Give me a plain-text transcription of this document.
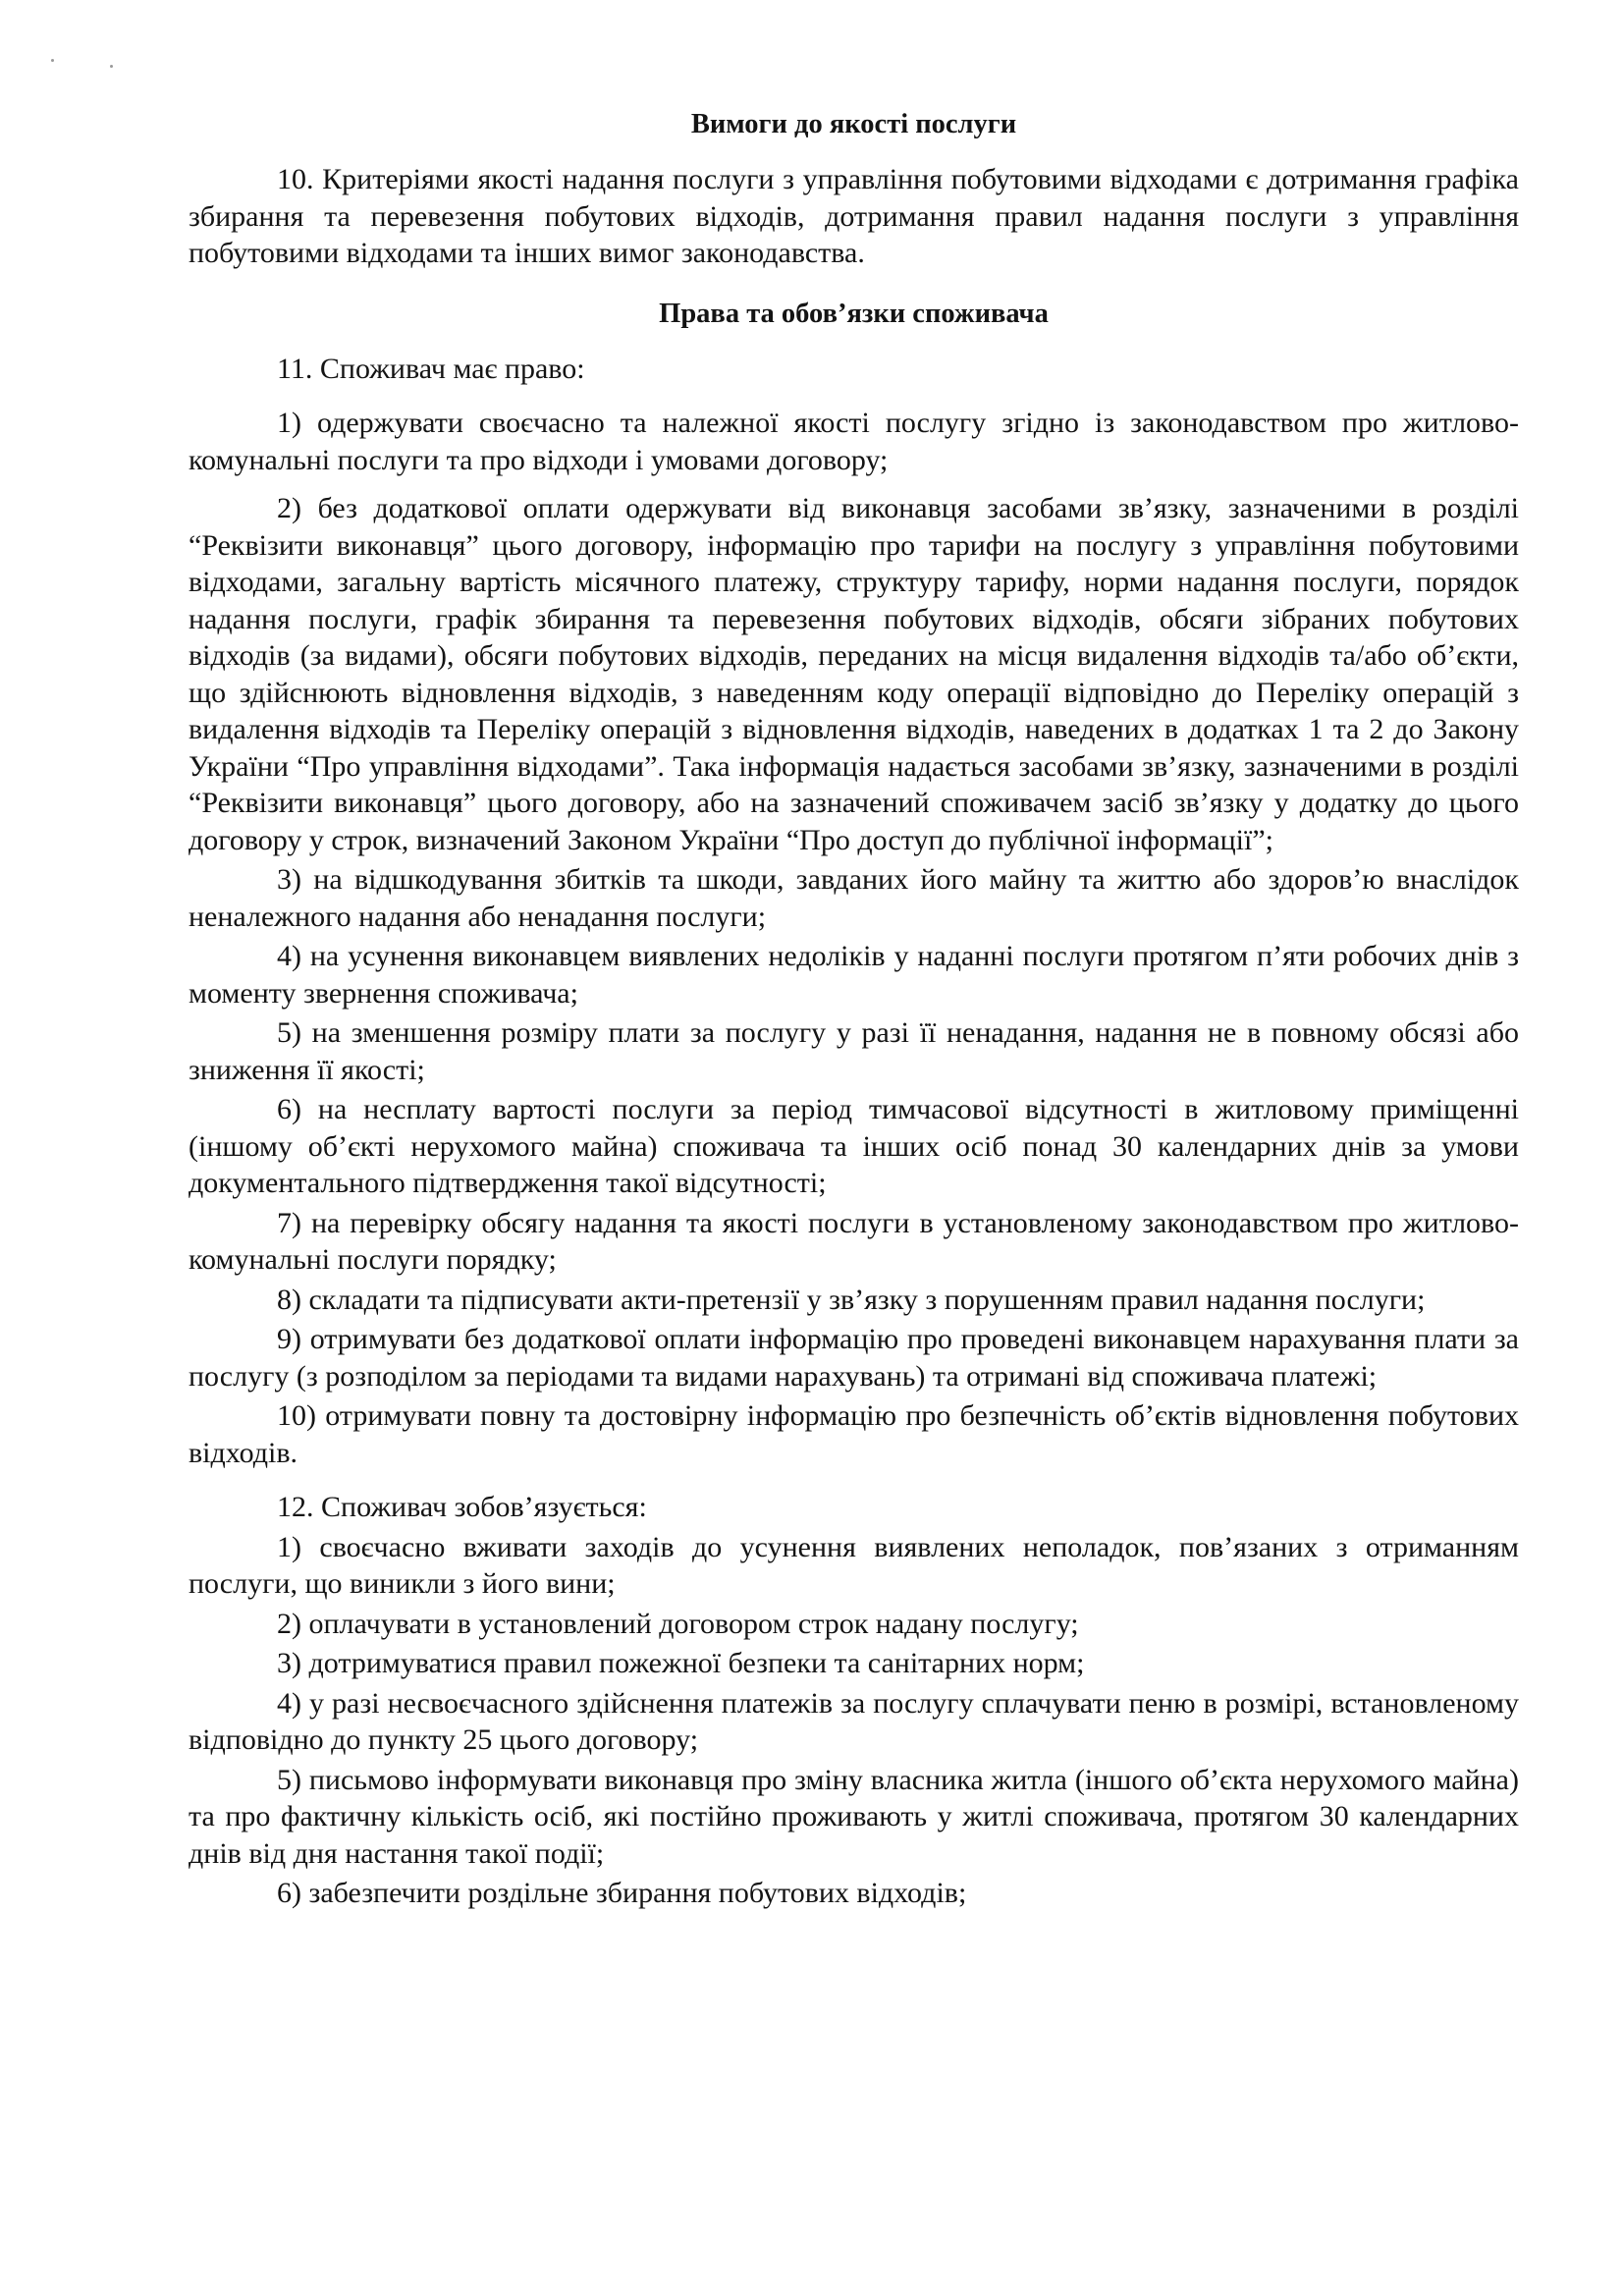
Вимоги до якості послуги

10. Критеріями якості надання послуги з управління побутовими відходами є дотримання графіка збирання та перевезення побутових відходів, дотримання правил надання послуги з управління побутовими відходами та інших вимог законодавства.

Права та обов’язки споживача

11. Споживач має право:

1) одержувати своєчасно та належної якості послугу згідно із законодавством про житлово-комунальні послуги та про відходи і умовами договору;

2) без додаткової оплати одержувати від виконавця засобами зв’язку, зазначеними в розділі “Реквізити виконавця” цього договору, інформацію про тарифи на послугу з управління побутовими відходами, загальну вартість місячного платежу, структуру тарифу, норми надання послуги, порядок надання послуги, графік збирання та перевезення побутових відходів, обсяги зібраних побутових відходів (за видами), обсяги побутових відходів, переданих на місця видалення відходів та/або об’єкти, що здійснюють відновлення відходів, з наведенням коду операції відповідно до Переліку операцій з видалення відходів та Переліку операцій з відновлення відходів, наведених в додатках 1 та 2 до Закону України “Про управління відходами”. Така інформація надається засобами зв’язку, зазначеними в розділі “Реквізити виконавця” цього договору, або на зазначений споживачем засіб зв’язку у додатку до цього договору у строк, визначений Законом України “Про доступ до публічної інформації”;

3) на відшкодування збитків та шкоди, завданих його майну та життю або здоров’ю внаслідок неналежного надання або ненадання послуги;

4) на усунення виконавцем виявлених недоліків у наданні послуги протягом п’яти робочих днів з моменту звернення споживача;

5) на зменшення розміру плати за послугу у разі її ненадання, надання не в повному обсязі або зниження її якості;

6) на несплату вартості послуги за період тимчасової відсутності в житловому приміщенні (іншому об’єкті нерухомого майна) споживача та інших осіб понад 30 календарних днів за умови документального підтвердження такої відсутності;

7) на перевірку обсягу надання та якості послуги в установленому законодавством про житлово-комунальні послуги порядку;

8) складати та підписувати акти-претензії у зв’язку з порушенням правил надання послуги;

9) отримувати без додаткової оплати інформацію про проведені виконавцем нарахування плати за послугу (з розподілом за періодами та видами нарахувань) та отримані від споживача платежі;

10) отримувати повну та достовірну інформацію про безпечність об’єктів відновлення побутових відходів.

12. Споживач зобов’язується:

1) своєчасно вживати заходів до усунення виявлених неполадок, пов’язаних з отриманням послуги, що виникли з його вини;

2) оплачувати в установлений договором строк надану послугу;

3) дотримуватися правил пожежної безпеки та санітарних норм;

4) у разі несвоєчасного здійснення платежів за послугу сплачувати пеню в розмірі, встановленому відповідно до пункту 25 цього договору;

5) письмово інформувати виконавця про зміну власника житла (іншого об’єкта нерухомого майна) та про фактичну кількість осіб, які постійно проживають у житлі споживача, протягом 30 календарних днів від дня настання такої події;

6) забезпечити роздільне збирання побутових відходів;
